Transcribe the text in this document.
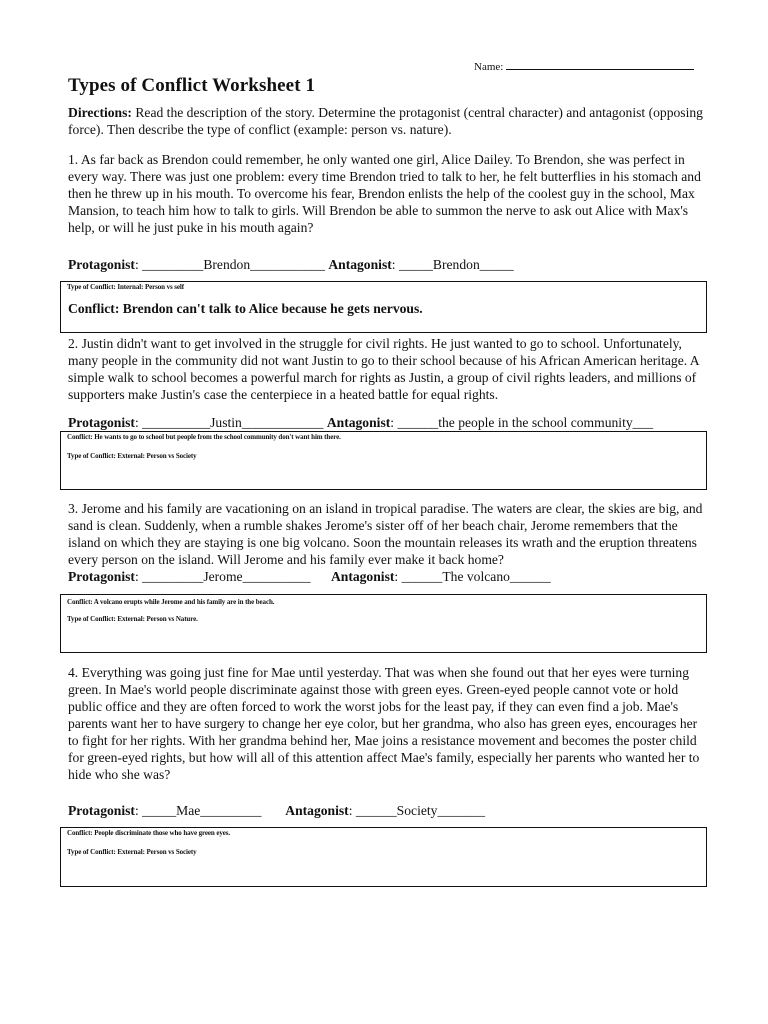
Name:
Types of Conflict Worksheet 1
Directions: Read the description of the story. Determine the protagonist (central character) and antagonist (opposing force). Then describe the type of conflict (example: person vs. nature).
1. As far back as Brendon could remember, he only wanted one girl, Alice Dailey. To Brendon, she was perfect in every way. There was just one problem: every time Brendon tried to talk to her, he felt butterflies in his stomach and then he threw up in his mouth. To overcome his fear, Brendon enlists the help of the coolest guy in the school, Max Mansion, to teach him how to talk to girls. Will Brendon be able to summon the nerve to ask out Alice with Max's help, or will he just puke in his mouth again?
Protagonist: _________Brendon___________ Antagonist: _____Brendon_____
Type of Conflict: Internal: Person vs self
Conflict: Brendon can't talk to Alice because he gets nervous.
2. Justin didn't want to get involved in the struggle for civil rights. He just wanted to go to school. Unfortunately, many people in the community did not want Justin to go to their school because of his African American heritage. A simple walk to school becomes a powerful march for rights as Justin, a group of civil rights leaders, and millions of supporters make Justin's case the centerpiece in a heated battle for equal rights.
Protagonist: __________Justin____________ Antagonist: ______the people in the school community___
Conflict: He wants to go to school but people from the school community don't want him there.
Type of Conflict: External: Person vs Society
3. Jerome and his family are vacationing on an island in tropical paradise. The waters are clear, the skies are big, and sand is clean. Suddenly, when a rumble shakes Jerome's sister off of her beach chair, Jerome remembers that the island on which they are staying is one big volcano. Soon the mountain releases its wrath and the eruption threatens every person on the island. Will Jerome and his family ever make it back home?
Protagonist: _________Jerome__________ Antagonist: ______The volcano______
Conflict: A volcano erupts while Jerome and his family are in the beach.
Type of Conflict: External: Person vs Nature.
4. Everything was going just fine for Mae until yesterday. That was when she found out that her eyes were turning green. In Mae's world people discriminate against those with green eyes. Green-eyed people cannot vote or hold public office and they are often forced to work the worst jobs for the least pay, if they can even find a job. Mae's parents want her to have surgery to change her eye color, but her grandma, who also has green eyes, encourages her to fight for her rights. With her grandma behind her, Mae joins a resistance movement and becomes the poster child for green-eyed rights, but how will all of this attention affect Mae's family, especially her parents who wanted her to hide who she was?
Protagonist: _____Mae_________ Antagonist: ______Society_______
Conflict: People discriminate those who have green eyes.
Type of Conflict: External: Person vs Society
